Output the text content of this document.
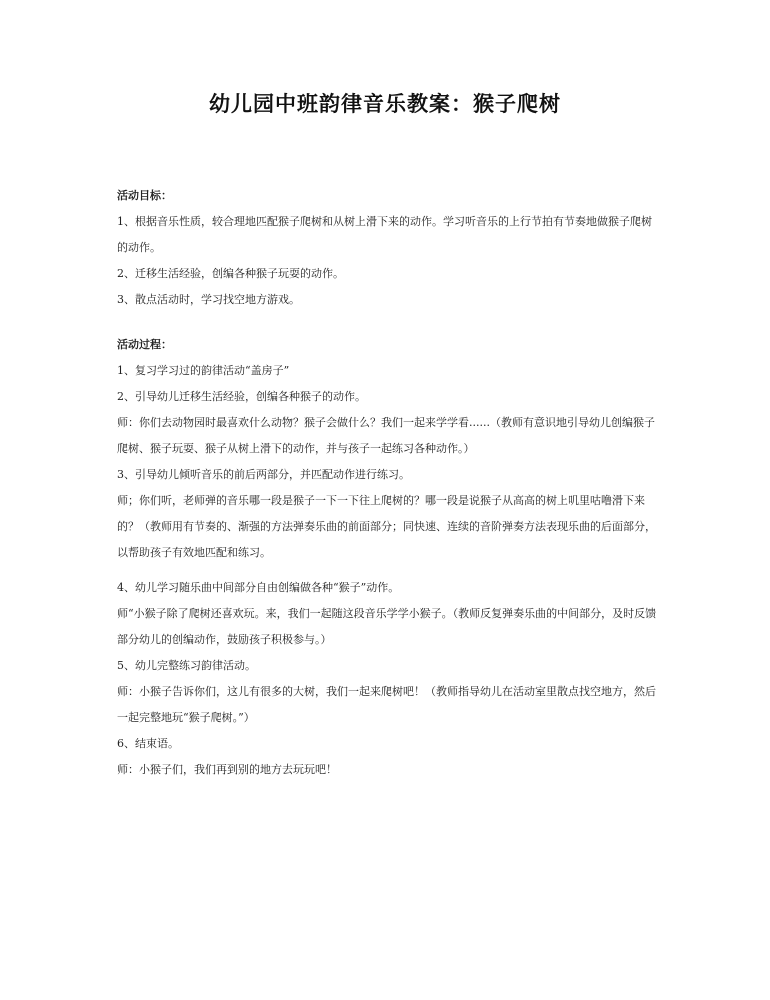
幼儿园中班韵律音乐教案：猴子爬树

活动目标：

1、根据音乐性质，较合理地匹配猴子爬树和从树上滑下来的动作。学习听音乐的上行节拍有节奏地做猴子爬树的动作。

2、迁移生活经验，创编各种猴子玩耍的动作。

3、散点活动时，学习找空地方游戏。

活动过程：

1、复习学习过的韵律活动“盖房子”

2、引导幼儿迁移生活经验，创编各种猴子的动作。

师：你们去动物园时最喜欢什么动物？猴子会做什么？我们一起来学学看......（教师有意识地引导幼儿创编猴子爬树、猴子玩耍、猴子从树上滑下的动作，并与孩子一起练习各种动作。）

3、引导幼儿倾听音乐的前后两部分，并匹配动作进行练习。

师；你们听，老师弹的音乐哪一段是猴子一下一下往上爬树的？哪一段是说猴子从高高的树上叽里咕噜滑下来的？（教师用有节奏的、渐强的方法弹奏乐曲的前面部分；同快速、连续的音阶弹奏方法表现乐曲的后面部分，以帮助孩子有效地匹配和练习。

4、幼儿学习随乐曲中间部分自由创编做各种“猴子”动作。

师“小猴子除了爬树还喜欢玩。来，我们一起随这段音乐学学小猴子。（教师反复弹奏乐曲的中间部分，及时反馈部分幼儿的创编动作，鼓励孩子积极参与。）

5、幼儿完整练习韵律活动。

师：小猴子告诉你们，这儿有很多的大树，我们一起来爬树吧！（教师指导幼儿在活动室里散点找空地方，然后一起完整地玩“猴子爬树。”）

6、结束语。

师：小猴子们，我们再到别的地方去玩玩吧！
